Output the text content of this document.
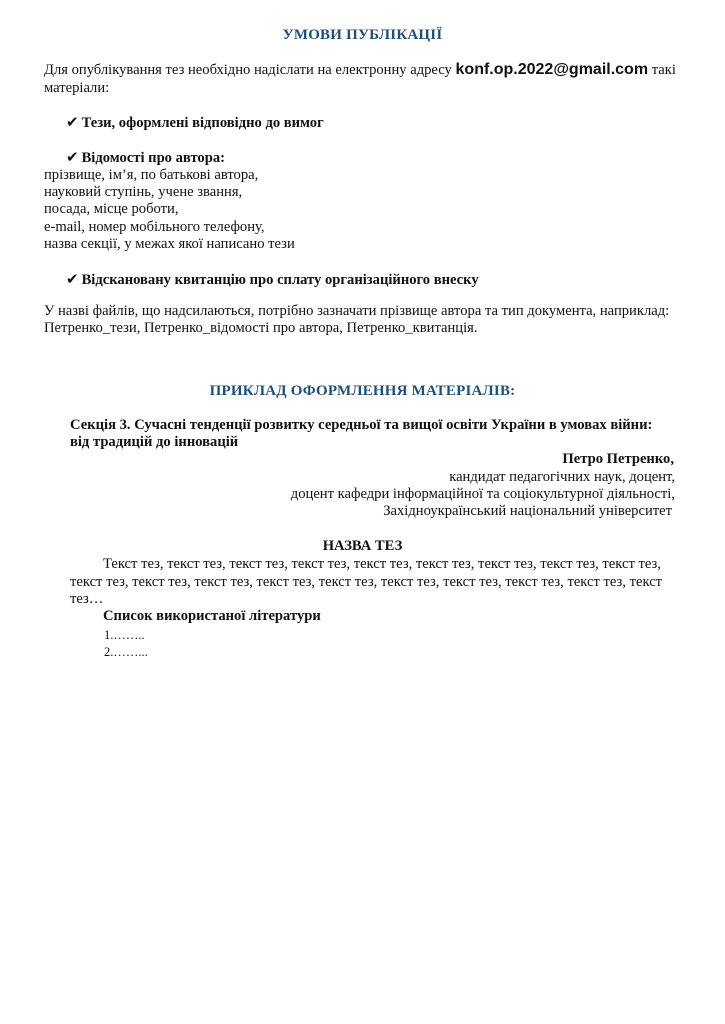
УМОВИ ПУБЛІКАЦІЇ
Для опублікування тез необхідно надіслати на електронну адресу konf.op.2022@gmail.com такі
матеріали:
✔ Тези, оформлені відповідно до вимог
✔ Відомості про автора:
прізвище, ім’я, по батькові автора,
науковий ступінь, учене звання,
посада, місце роботи,
e-mail, номер мобільного телефону,
назва секції, у межах якої написано тези
✔ Відскановану квитанцію про сплату організаційного внеску
У назві файлів, що надсилаються, потрібно зазначати прізвище автора та тип документа, наприклад:
Петренко_тези, Петренко_відомості про автора, Петренко_квитанція.
ПРИКЛАД ОФОРМЛЕННЯ МАТЕРІАЛІВ:
Секція 3. Сучасні тенденції розвитку середньої та вищої освіти України в умовах війни:
від традицій до інновацій
Петро Петренко,
кандидат педагогічних наук, доцент,
доцент кафедри інформаційної та соціокультурної діяльності,
Західноукраїнський національний університет
НАЗВА ТЕЗ
Текст тез, текст тез, текст тез, текст тез, текст тез, текст тез, текст тез, текст тез, текст тез,
текст тез, текст тез, текст тез, текст тез, текст тез, текст тез, текст тез, текст тез, текст тез, текст
тез…
Список використаної літератури
1.……..
2.……...
